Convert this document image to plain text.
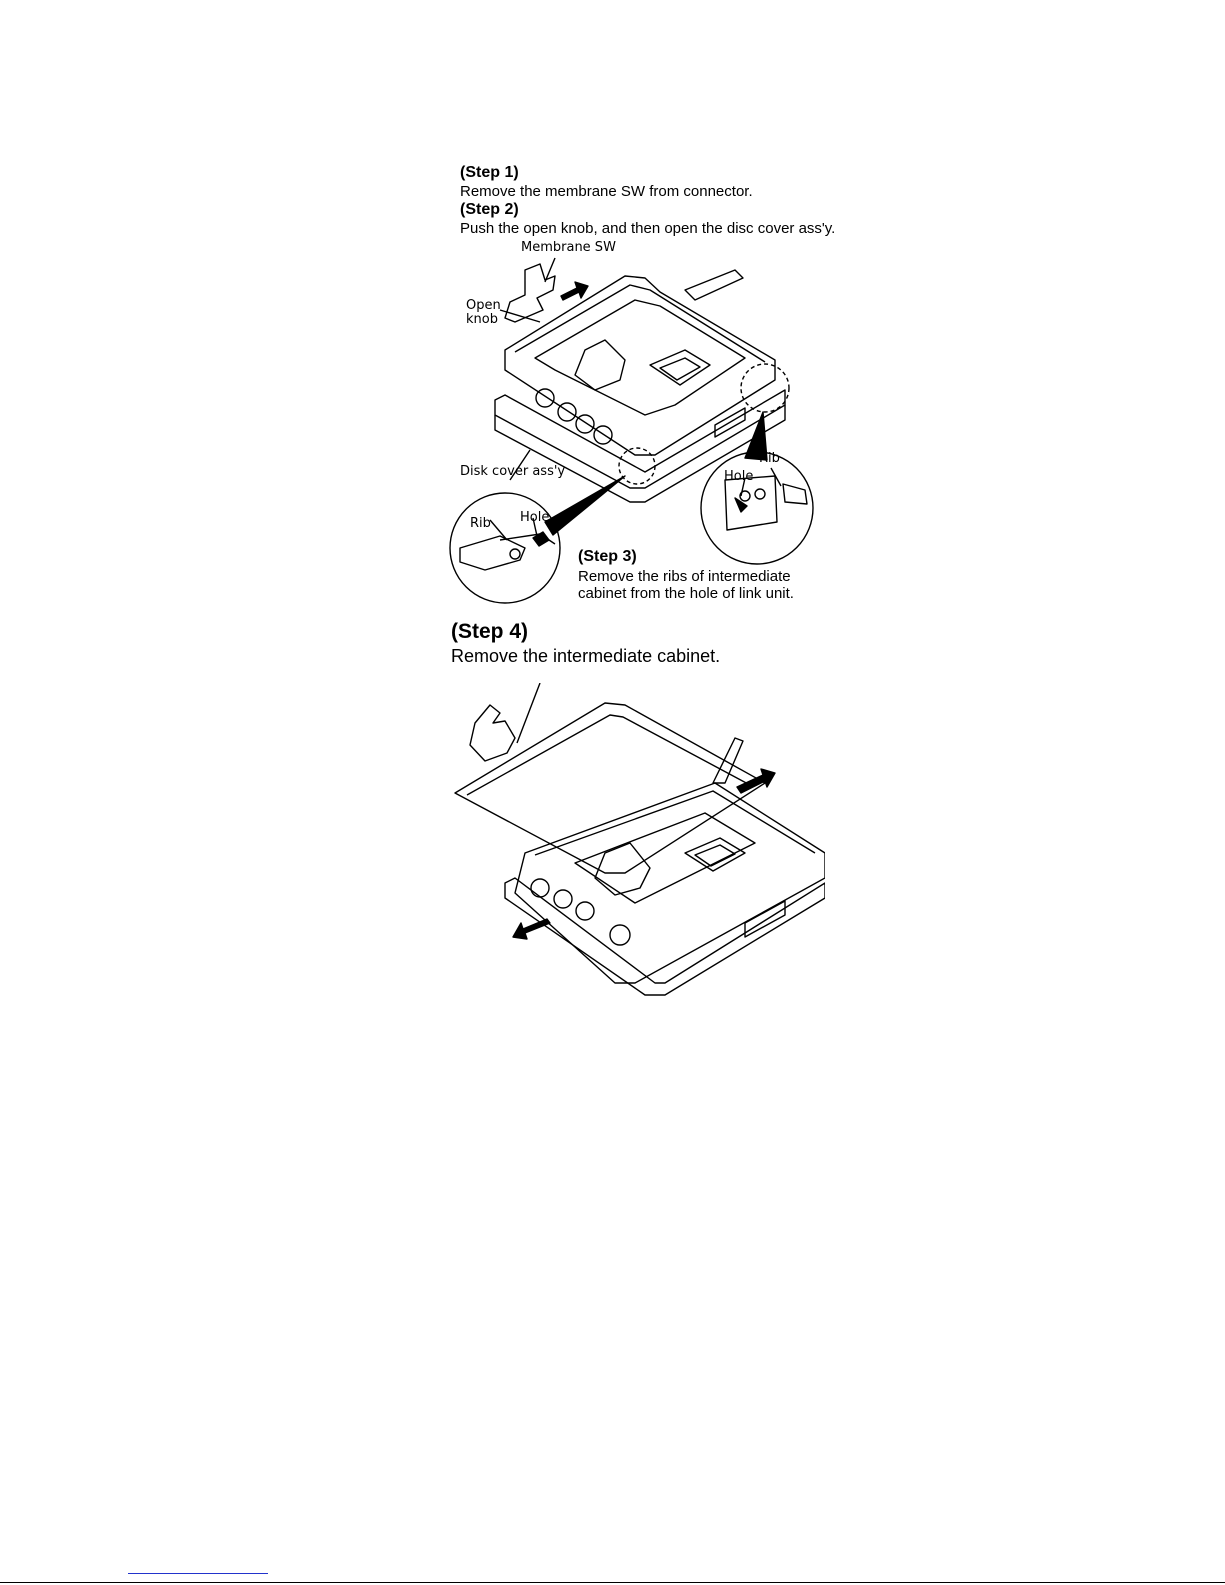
(Step 1)
Remove the membrane SW from connector.
(Step 2)
Push the open knob, and then open the disc cover ass'y.
Membrane SW
Open
knob
Disk cover ass'y
Rib Hole
Rib
Hole
(Step 3)
Remove the ribs of intermediate
cabinet from the hole of link unit.
(Step 4)
Remove the intermediate cabinet.
